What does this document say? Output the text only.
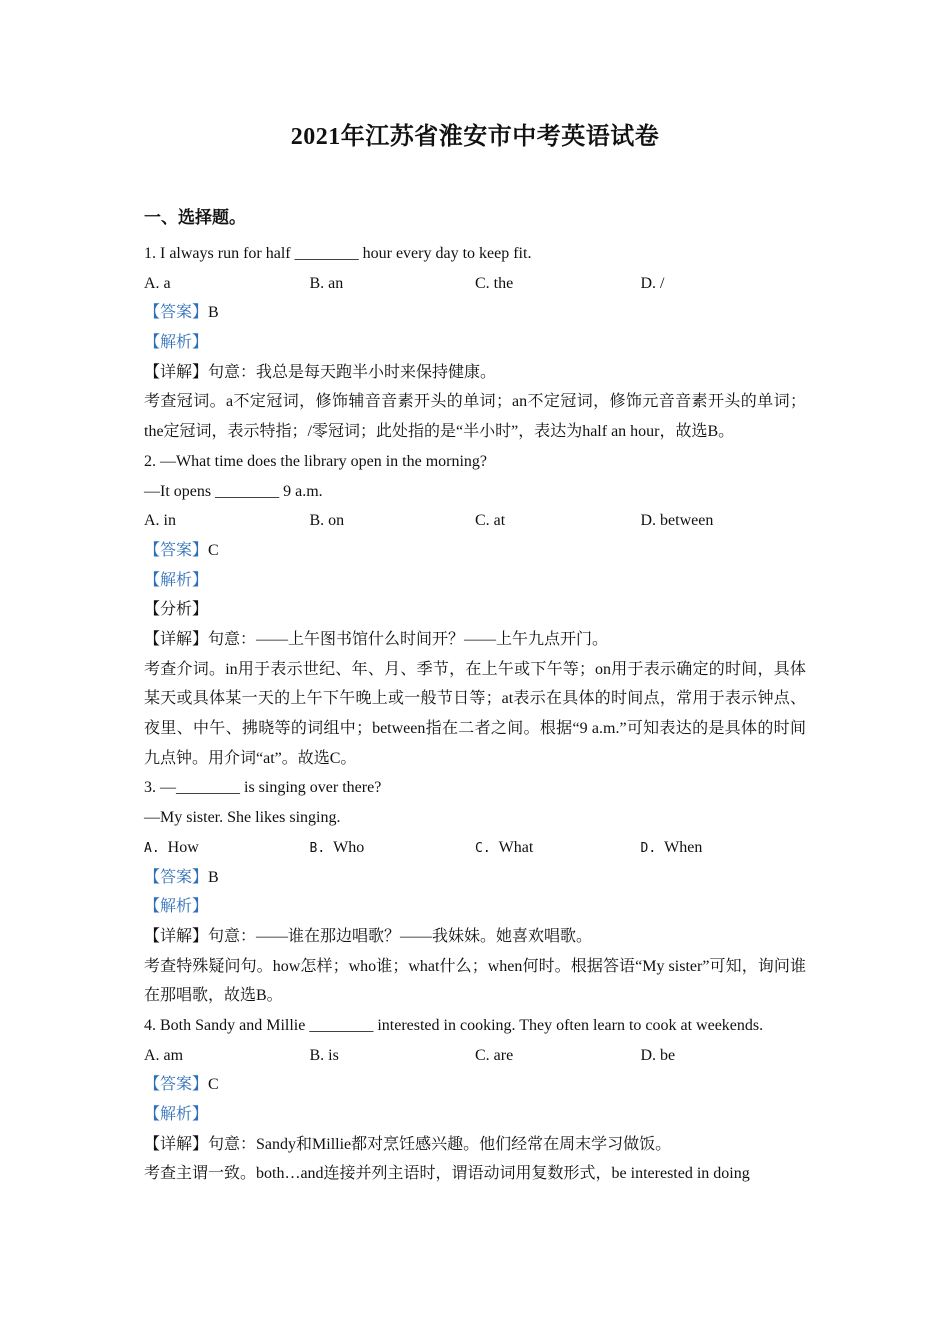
2021年江苏省淮安市中考英语试卷
一、选择题。
1. I always run for half ________ hour every day to keep fit.
A. a	B. an	C. the	D. /
【答案】B
【解析】
【详解】句意：我总是每天跑半小时来保持健康。
考查冠词。a不定冠词，修饰辅音音素开头的单词；an不定冠词，修饰元音音素开头的单词；the定冠词，表示特指；/零冠词；此处指的是“半小时”，表达为half an hour，故选B。
2. —What time does the library open in the morning?
—It opens ________ 9 a.m.
A. in	B. on	C. at	D. between
【答案】C
【解析】
【分析】
【详解】句意：——上午图书馆什么时间开？——上午九点开门。
考查介词。in用于表示世纪、年、月、季节，在上午或下午等；on用于表示确定的时间，具体某天或具体某一天的上午下午晚上或一般节日等；at表示在具体的时间点，常用于表示钟点、夜里、中午、拂晓等的词组中；between指在二者之间。根据“9 a.m.”可知表达的是具体的时间九点钟。用介词“at”。故选C。
3. —________ is singing over there?
—My sister. She likes singing.
A. How	B. Who	C. What	D. When
【答案】B
【解析】
【详解】句意：——谁在那边唱歌？——我妹妹。她喜欢唱歌。
考查特殊疑问句。how怎样；who谁；what什么；when何时。根据答语“My sister”可知，询问谁在那唱歌，故选B。
4. Both Sandy and Millie ________ interested in cooking. They often learn to cook at weekends.
A. am	B. is	C. are	D. be
【答案】C
【解析】
【详解】句意：Sandy和Millie都对烹饪感兴趣。他们经常在周末学习做饭。
考查主谓一致。both…and连接并列主语时，谓语动词用复数形式，be interested in doing
